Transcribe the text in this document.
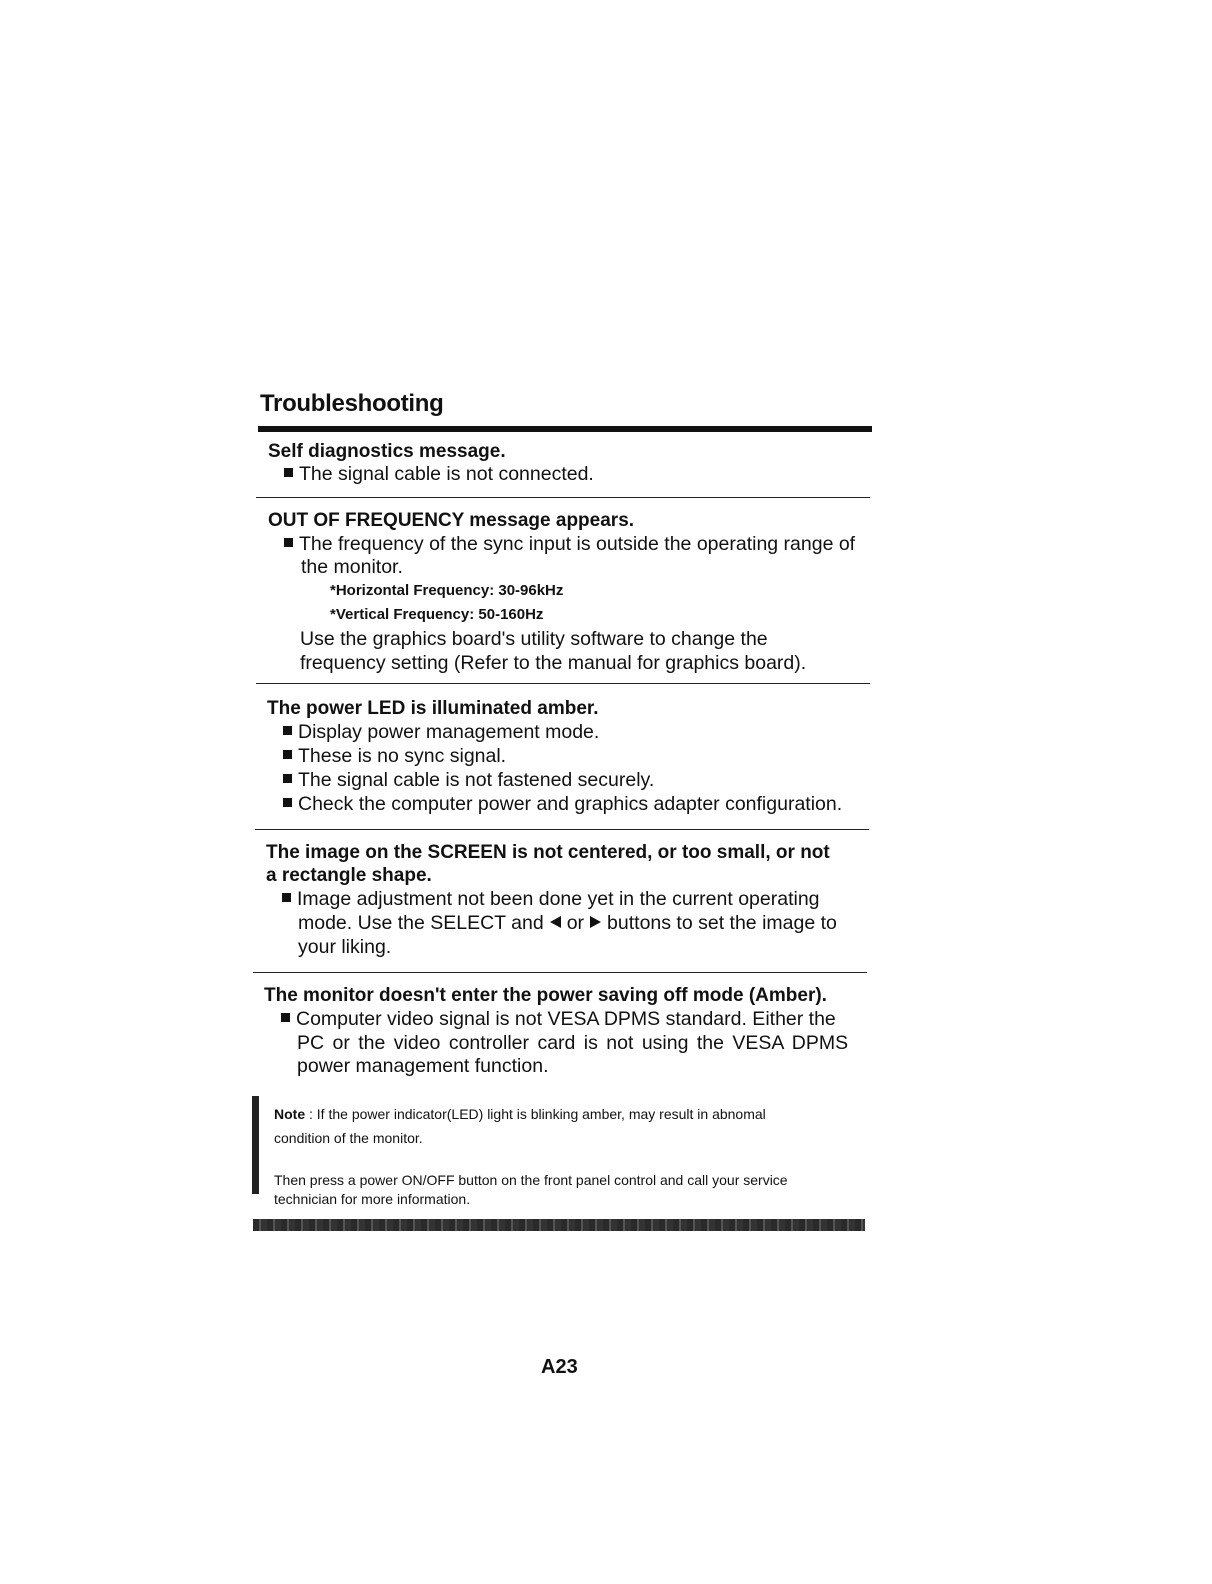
Troubleshooting
Self diagnostics message.
The signal cable is not connected.
OUT OF FREQUENCY message appears.
The frequency of the sync input is outside the operating range of
the monitor.
*Horizontal Frequency: 30-96kHz
*Vertical Frequency: 50-160Hz
Use the graphics board's utility software to change the
frequency setting (Refer to the manual for graphics board).
The power LED is illuminated amber.
Display power management mode.
These is no sync signal.
The signal cable is not fastened securely.
Check the computer power and graphics adapter configuration.
The image on the SCREEN is not centered, or too small, or not
a rectangle shape.
Image adjustment not been done yet in the current operating
mode. Use the SELECT and or buttons to set the image to
your liking.
The monitor doesn't enter the power saving off mode (Amber).
Computer video signal is not VESA DPMS standard. Either the
PC or the video controller card is not using the VESA DPMS
power management function.
Note : If the power indicator(LED) light is blinking amber, may result in abnomal
condition of the monitor.
Then press a power ON/OFF button on the front panel control and call your service
technician for more information.
A23
